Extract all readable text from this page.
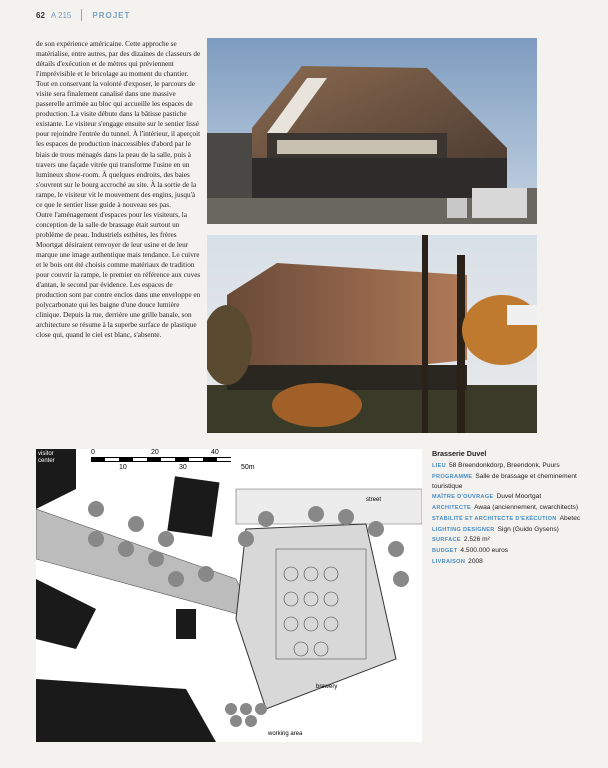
62 A 215	PROJET

de son expérience américaine. Cette approche se matérialise, entre autres, par des dizaines de classeurs de détails d'exécution et de mètres qui préviennent l'imprévisible et le bricolage au moment du chantier.

Tout en conservant la volonté d'exposer, le parcours de visite sera finalement canalisé dans une massive passerelle arrimée au bloc qui accueille les espaces de production. La visite débute dans la bâtisse pastiche existante. Le visiteur s'engage ensuite sur le sentier lissé pour rejoindre l'entrée du tunnel. À l'intérieur, il aperçoit les espaces de production inaccessibles d'abord par le biais de trous ménagés dans la peau de la salle, puis à travers une façade vitrée qui transforme l'usine en un lumineux show-room. À quelques endroits, des baies s'ouvrent sur le bourg accroché au site. À la sortie de la rampe, le visiteur vit le mouvement des engins, jusqu'à ce que le sentier lisse guide à nouveau ses pas.

Outre l'aménagement d'espaces pour les visiteurs, la conception de la salle de brassage était surtout un problème de peau. Industriels esthètes, les frères Moortgat désiraient renvoyer de leur usine et de leur marque une image authentique mais tendance. Le cuivre et le bois ont été choisis comme matériaux de tradition pour couvrir la rampe, le premier en référence aux cuves d'antan, le second par évidence. Les espaces de production sont par contre enclos dans une enveloppe en polycarbonate qui les baigne d'une douce lumière clinique. Depuis la rue, derrière une grille banale, son architecture se résume à la superbe surface de plastique close qui, quand le ciel est blanc, s'absente.

visitor center
0
10
20
30
40
50m
street
brewery
working area
Brasserie Duvel
LIEU 58 Breendonkdorp, Breendonk, Puurs
PROGRAMME Salle de brassage et cheminement touristique
MAÎTRE D'OUVRAGE Duvel Moortgat
ARCHITECTE Awaa (anciennement, cwarchitects)
STABILITÉ ET ARCHITECTE D'EXÉCUTION Abetec
LIGHTING DESIGNER Sign (Guido Gysens)
SURFACE 2.526 m²
BUDGET 4.500.000 euros
LIVRAISON 2008
